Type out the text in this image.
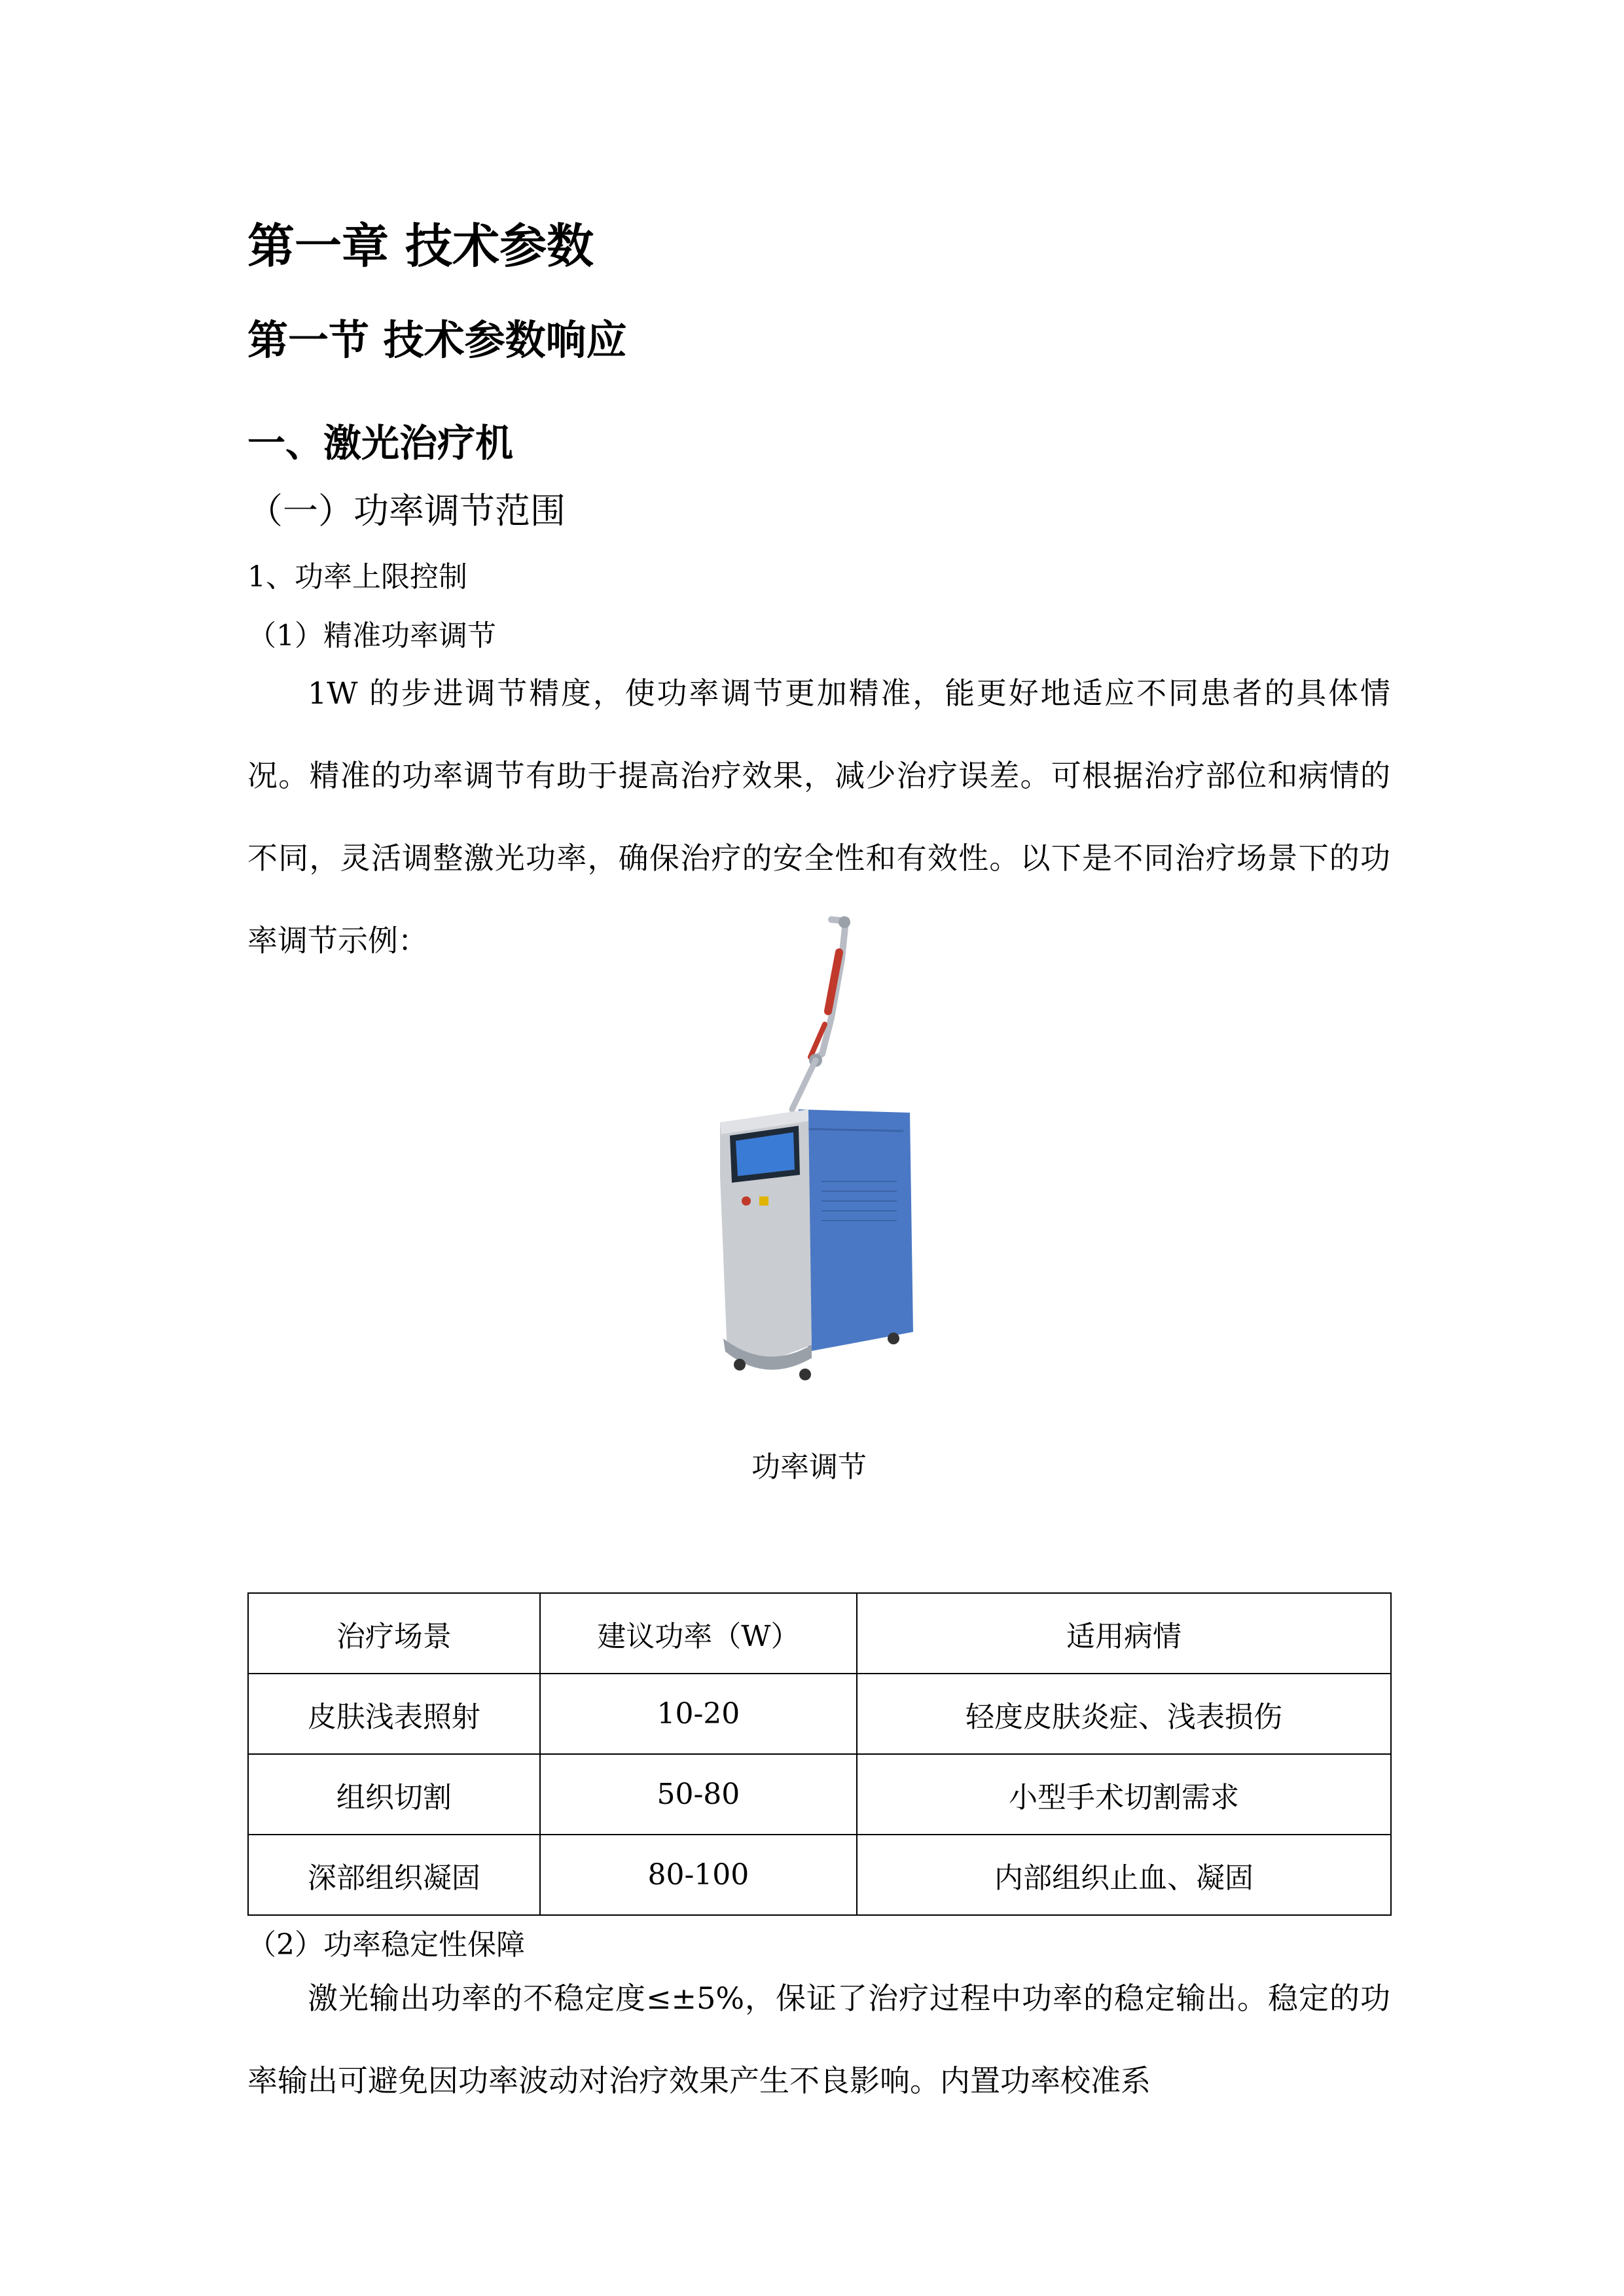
第一章 技术参数
第一节 技术参数响应
一、激光治疗机
（一）功率调节范围
1、功率上限控制
（1）精准功率调节
1W 的步进调节精度，使功率调节更加精准，能更好地适应不同患者的具体情况。精准的功率调节有助于提高治疗效果，减少治疗误差。可根据治疗部位和病情的不同，灵活调整激光功率，确保治疗的安全性和有效性。以下是不同治疗场景下的功率调节示例：
功率调节
治疗场景	建议功率（W）	适用病情
皮肤浅表照射	10-20	轻度皮肤炎症、浅表损伤
组织切割	50-80	小型手术切割需求
深部组织凝固	80-100	内部组织止血、凝固
（2）功率稳定性保障
激光输出功率的不稳定度≤±5%，保证了治疗过程中功率的稳定输出。稳定的功率输出可避免因功率波动对治疗效果产生不良影响。内置功率校准系
